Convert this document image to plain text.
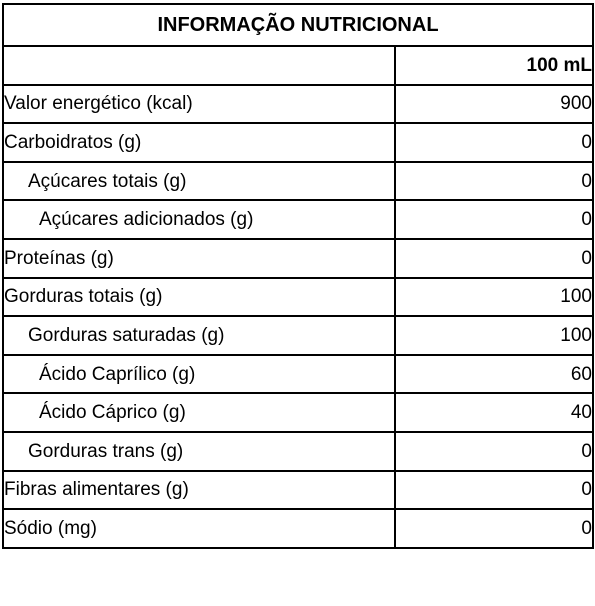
INFORMAÇÃO NUTRICIONAL	
	100 mL
Valor energético (kcal)	900
Carboidratos (g)	0
Açúcares totais (g)	0
Açúcares adicionados (g)	0
Proteínas (g)	0
Gorduras totais (g)	100
Gorduras saturadas (g)	100
Ácido Caprílico (g)	60
Ácido Cáprico (g)	40
Gorduras trans (g)	0
Fibras alimentares (g)	0
Sódio (mg)	0
